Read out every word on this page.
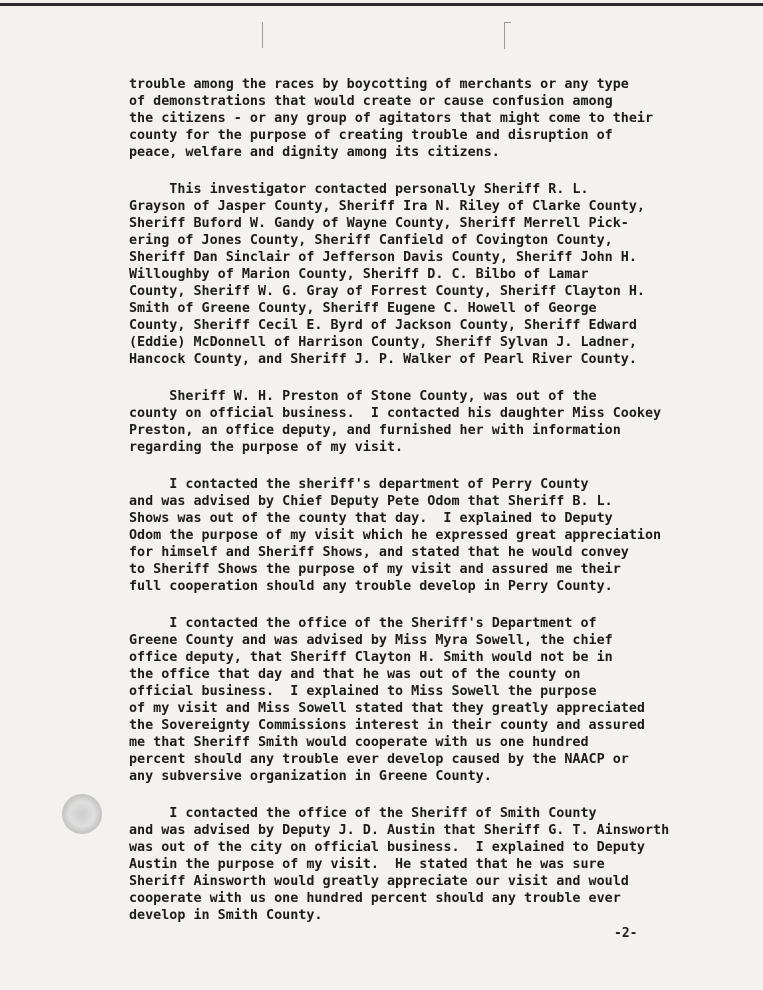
trouble among the races by boycotting of merchants or any type
of demonstrations that would create or cause confusion among
the citizens - or any group of agitators that might come to their
county for the purpose of creating trouble and disruption of
peace, welfare and dignity among its citizens.
This investigator contacted personally Sheriff R. L.
Grayson of Jasper County, Sheriff Ira N. Riley of Clarke County,
Sheriff Buford W. Gandy of Wayne County, Sheriff Merrell Pick-
ering of Jones County, Sheriff Canfield of Covington County,
Sheriff Dan Sinclair of Jefferson Davis County, Sheriff John H.
Willoughby of Marion County, Sheriff D. C. Bilbo of Lamar
County, Sheriff W. G. Gray of Forrest County, Sheriff Clayton H.
Smith of Greene County, Sheriff Eugene C. Howell of George
County, Sheriff Cecil E. Byrd of Jackson County, Sheriff Edward
(Eddie) McDonnell of Harrison County, Sheriff Sylvan J. Ladner,
Hancock County, and Sheriff J. P. Walker of Pearl River County.
Sheriff W. H. Preston of Stone County, was out of the
county on official business.  I contacted his daughter Miss Cookey
Preston, an office deputy, and furnished her with information
regarding the purpose of my visit.
I contacted the sheriff's department of Perry County
and was advised by Chief Deputy Pete Odom that Sheriff B. L.
Shows was out of the county that day.  I explained to Deputy
Odom the purpose of my visit which he expressed great appreciation
for himself and Sheriff Shows, and stated that he would convey
to Sheriff Shows the purpose of my visit and assured me their
full cooperation should any trouble develop in Perry County.
I contacted the office of the Sheriff's Department of
Greene County and was advised by Miss Myra Sowell, the chief
office deputy, that Sheriff Clayton H. Smith would not be in
the office that day and that he was out of the county on
official business.  I explained to Miss Sowell the purpose
of my visit and Miss Sowell stated that they greatly appreciated
the Sovereignty Commissions interest in their county and assured
me that Sheriff Smith would cooperate with us one hundred
percent should any trouble ever develop caused by the NAACP or
any subversive organization in Greene County.
I contacted the office of the Sheriff of Smith County
and was advised by Deputy J. D. Austin that Sheriff G. T. Ainsworth
was out of the city on official business.  I explained to Deputy
Austin the purpose of my visit.  He stated that he was sure
Sheriff Ainsworth would greatly appreciate our visit and would
cooperate with us one hundred percent should any trouble ever
develop in Smith County.
-2-
